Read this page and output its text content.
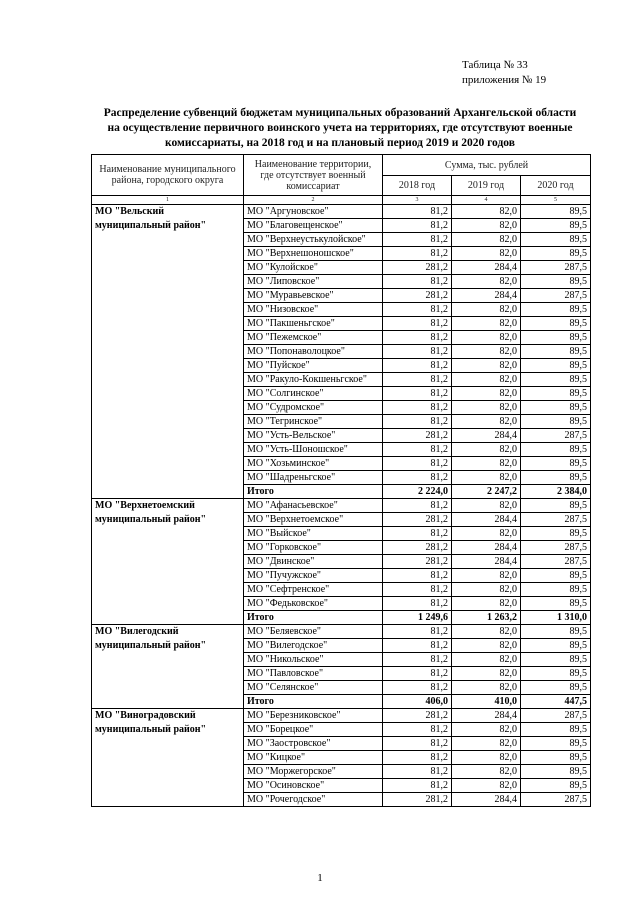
Таблица № 33
приложения № 19
Распределение субвенций бюджетам муниципальных образований Архангельской области
на осуществление первичного воинского учета на территориях, где отсутствуют военные
комиссариаты, на 2018 год и на плановый период 2019 и 2020 годов
Наименование муниципального района, городского округа	Наименование территории, где отсутствует военный комиссариат	Сумма, тыс. рублей		
		2018 год	2019 год	2020 год
1	2	3	4	5
МО "Вельский муниципальный район"	МО "Аргуновское"	81,2	82,0	89,5
	МО "Благовещенское"	81,2	82,0	89,5
	МО "Верхнеустькулойское"	81,2	82,0	89,5
	МО "Верхнешоношское"	81,2	82,0	89,5
	МО "Кулойское"	281,2	284,4	287,5
	МО "Липовское"	81,2	82,0	89,5
	МО "Муравьевское"	281,2	284,4	287,5
	МО "Низовское"	81,2	82,0	89,5
	МО "Пакшеньгское"	81,2	82,0	89,5
	МО "Пежемское"	81,2	82,0	89,5
	МО "Попонаволоцкое"	81,2	82,0	89,5
	МО "Пуйское"	81,2	82,0	89,5
	МО "Ракуло-Кокшеньгское"	81,2	82,0	89,5
	МО "Солгинское"	81,2	82,0	89,5
	МО "Судромское"	81,2	82,0	89,5
	МО "Тегринское"	81,2	82,0	89,5
	МО "Усть-Вельское"	281,2	284,4	287,5
	МО "Усть-Шоношское"	81,2	82,0	89,5
	МО "Хозьминское"	81,2	82,0	89,5
	МО "Шадреньгское"	81,2	82,0	89,5
	Итого	2 224,0	2 247,2	2 384,0
МО "Верхнетоемский муниципальный район"	МО "Афанасьевское"	81,2	82,0	89,5
	МО "Верхнетоемское"	281,2	284,4	287,5
	МО "Выйское"	81,2	82,0	89,5
	МО "Горковское"	281,2	284,4	287,5
	МО "Двинское"	281,2	284,4	287,5
	МО "Пучужское"	81,2	82,0	89,5
	МО "Сефтренское"	81,2	82,0	89,5
	МО "Федьковское"	81,2	82,0	89,5
	Итого	1 249,6	1 263,2	1 310,0
МО "Вилегодский муниципальный район"	МО "Беляевское"	81,2	82,0	89,5
	МО "Вилегодское"	81,2	82,0	89,5
	МО "Никольское"	81,2	82,0	89,5
	МО "Павловское"	81,2	82,0	89,5
	МО "Селянское"	81,2	82,0	89,5
	Итого	406,0	410,0	447,5
МО "Виноградовский муниципальный район"	МО "Березниковское"	281,2	284,4	287,5
	МО "Борецкое"	81,2	82,0	89,5
	МО "Заостровское"	81,2	82,0	89,5
	МО "Кицкое"	81,2	82,0	89,5
	МО "Моржегорское"	81,2	82,0	89,5
	МО "Осиновское"	81,2	82,0	89,5
	МО "Рочегодское"	281,2	284,4	287,5
1
